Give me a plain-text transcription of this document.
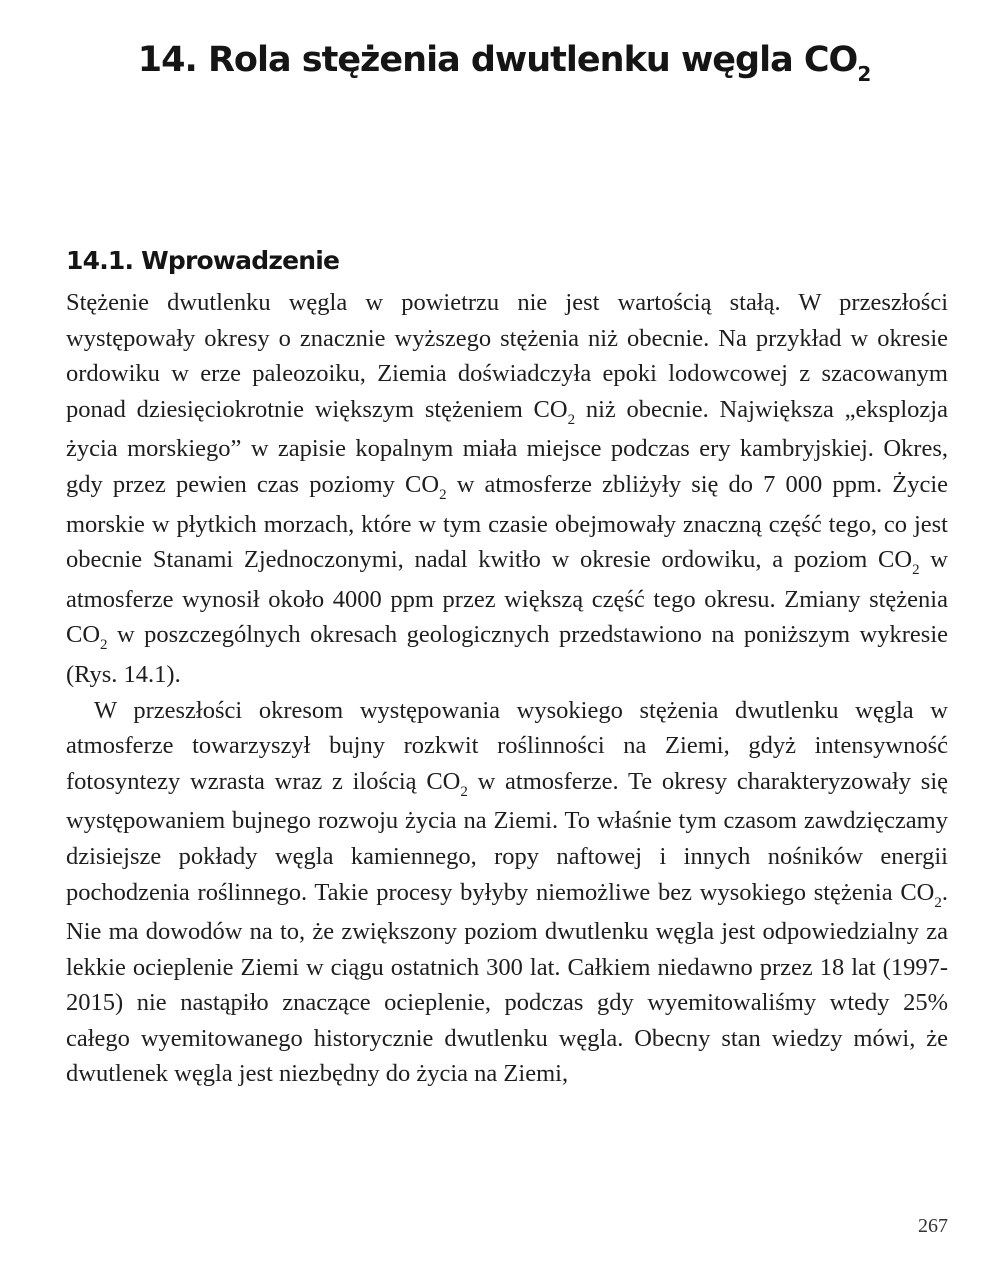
14. Rola stężenia dwutlenku węgla $CO_2$
14.1. Wprowadzenie

Stężenie dwutlenku węgla w powietrzu nie jest wartością stałą. W przeszłości występowały okresy o znacznie wyższego stężenia niż obecnie. Na przykład w okresie ordowiku w erze paleozoiku, Ziemia doświadczyła epoki lodowcowej z szacowanym ponad dziesięciokrotnie większym stężeniem $CO_2$ niż obecnie. Największa „eksplozja życia morskiego” w zapisie kopalnym miała miejsce podczas ery kambryjskiej. Okres, gdy przez pewien czas poziomy $CO_2$ w atmosferze zbliżyły się do 7 000 ppm. Życie morskie w płytkich morzach, które w tym czasie obejmowały znaczną część tego, co jest obecnie Stanami Zjednoczonymi, nadal kwitło w okresie ordowiku, a poziom $CO_2$ w atmosferze wynosił około 4000 ppm przez większą część tego okresu. Zmiany stężenia $CO_2$ w poszczególnych okresach geologicznych przedstawiono na poniższym wykresie (Rys. 14.1).

W przeszłości okresom występowania wysokiego stężenia dwutlenku węgla w atmosferze towarzyszył bujny rozkwit roślinności na Ziemi, gdyż intensywność fotosyntezy wzrasta wraz z ilością $CO_2$ w atmosferze. Te okresy charakteryzowały się występowaniem bujnego rozwoju życia na Ziemi. To właśnie tym czasom zawdzięczamy dzisiejsze pokłady węgla kamiennego, ropy naftowej i innych nośników energii pochodzenia roślinnego. Takie procesy byłyby niemożliwe bez wysokiego stężenia $CO_2$. Nie ma dowodów na to, że zwiększony poziom dwutlenku węgla jest odpowiedzialny za lekkie ocieplenie Ziemi w ciągu ostatnich 300 lat. Całkiem niedawno przez 18 lat (1997-2015) nie nastąpiło znaczące ocieplenie, podczas gdy wyemitowaliśmy wtedy 25% całego wyemitowanego historycznie dwutlenku węgla. Obecny stan wiedzy mówi, że dwutlenek węgla jest niezbędny do życia na Ziemi,

267
